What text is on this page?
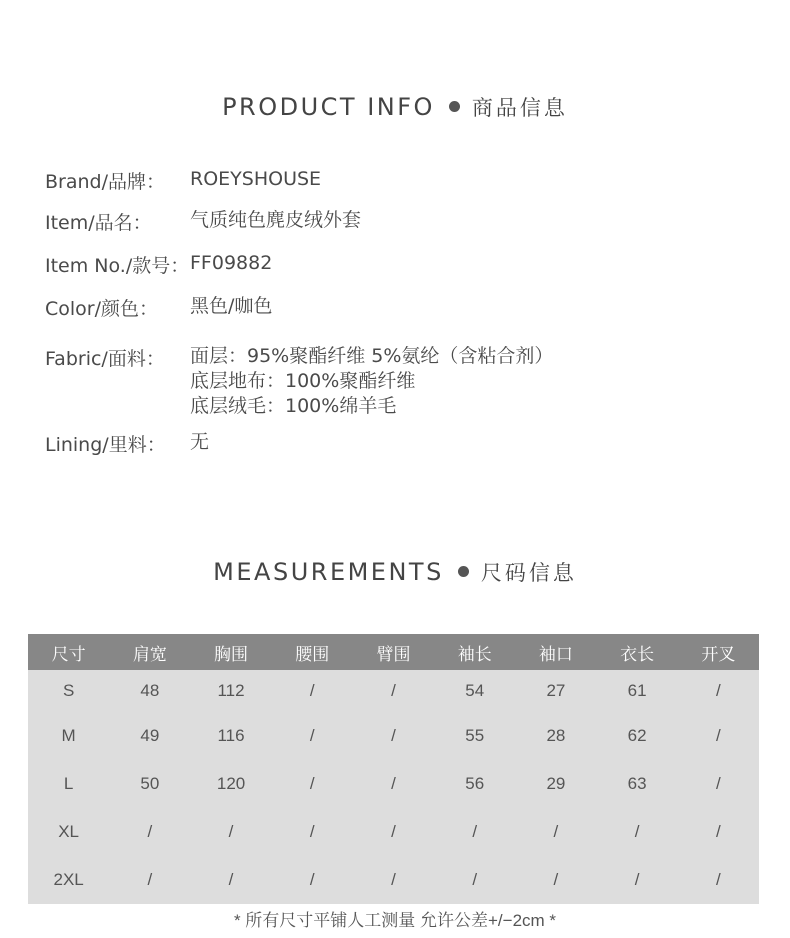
PRODUCT INFO 商品信息
Brand/品牌： ROEYSHOUSE
Item/品名： 气质纯色麂皮绒外套
Item No./款号： FF09882
Color/颜色： 黑色/咖色
Fabric/面料： 面层：95%聚酯纤维 5%氨纶（含粘合剂）
底层地布：100%聚酯纤维
底层绒毛：100%绵羊毛
Lining/里料： 无
MEASUREMENTS 尺码信息
尺寸	肩宽	胸围	腰围	臂围	袖长	袖口	衣长	开叉
S	48	112	/	/	54	27	61	/
M	49	116	/	/	55	28	62	/
L	50	120	/	/	56	29	63	/
XL	/	/	/	/	/	/	/	/
2XL	/	/	/	/	/	/	/	/
* 所有尺寸平铺人工测量 允许公差+/−2cm *
